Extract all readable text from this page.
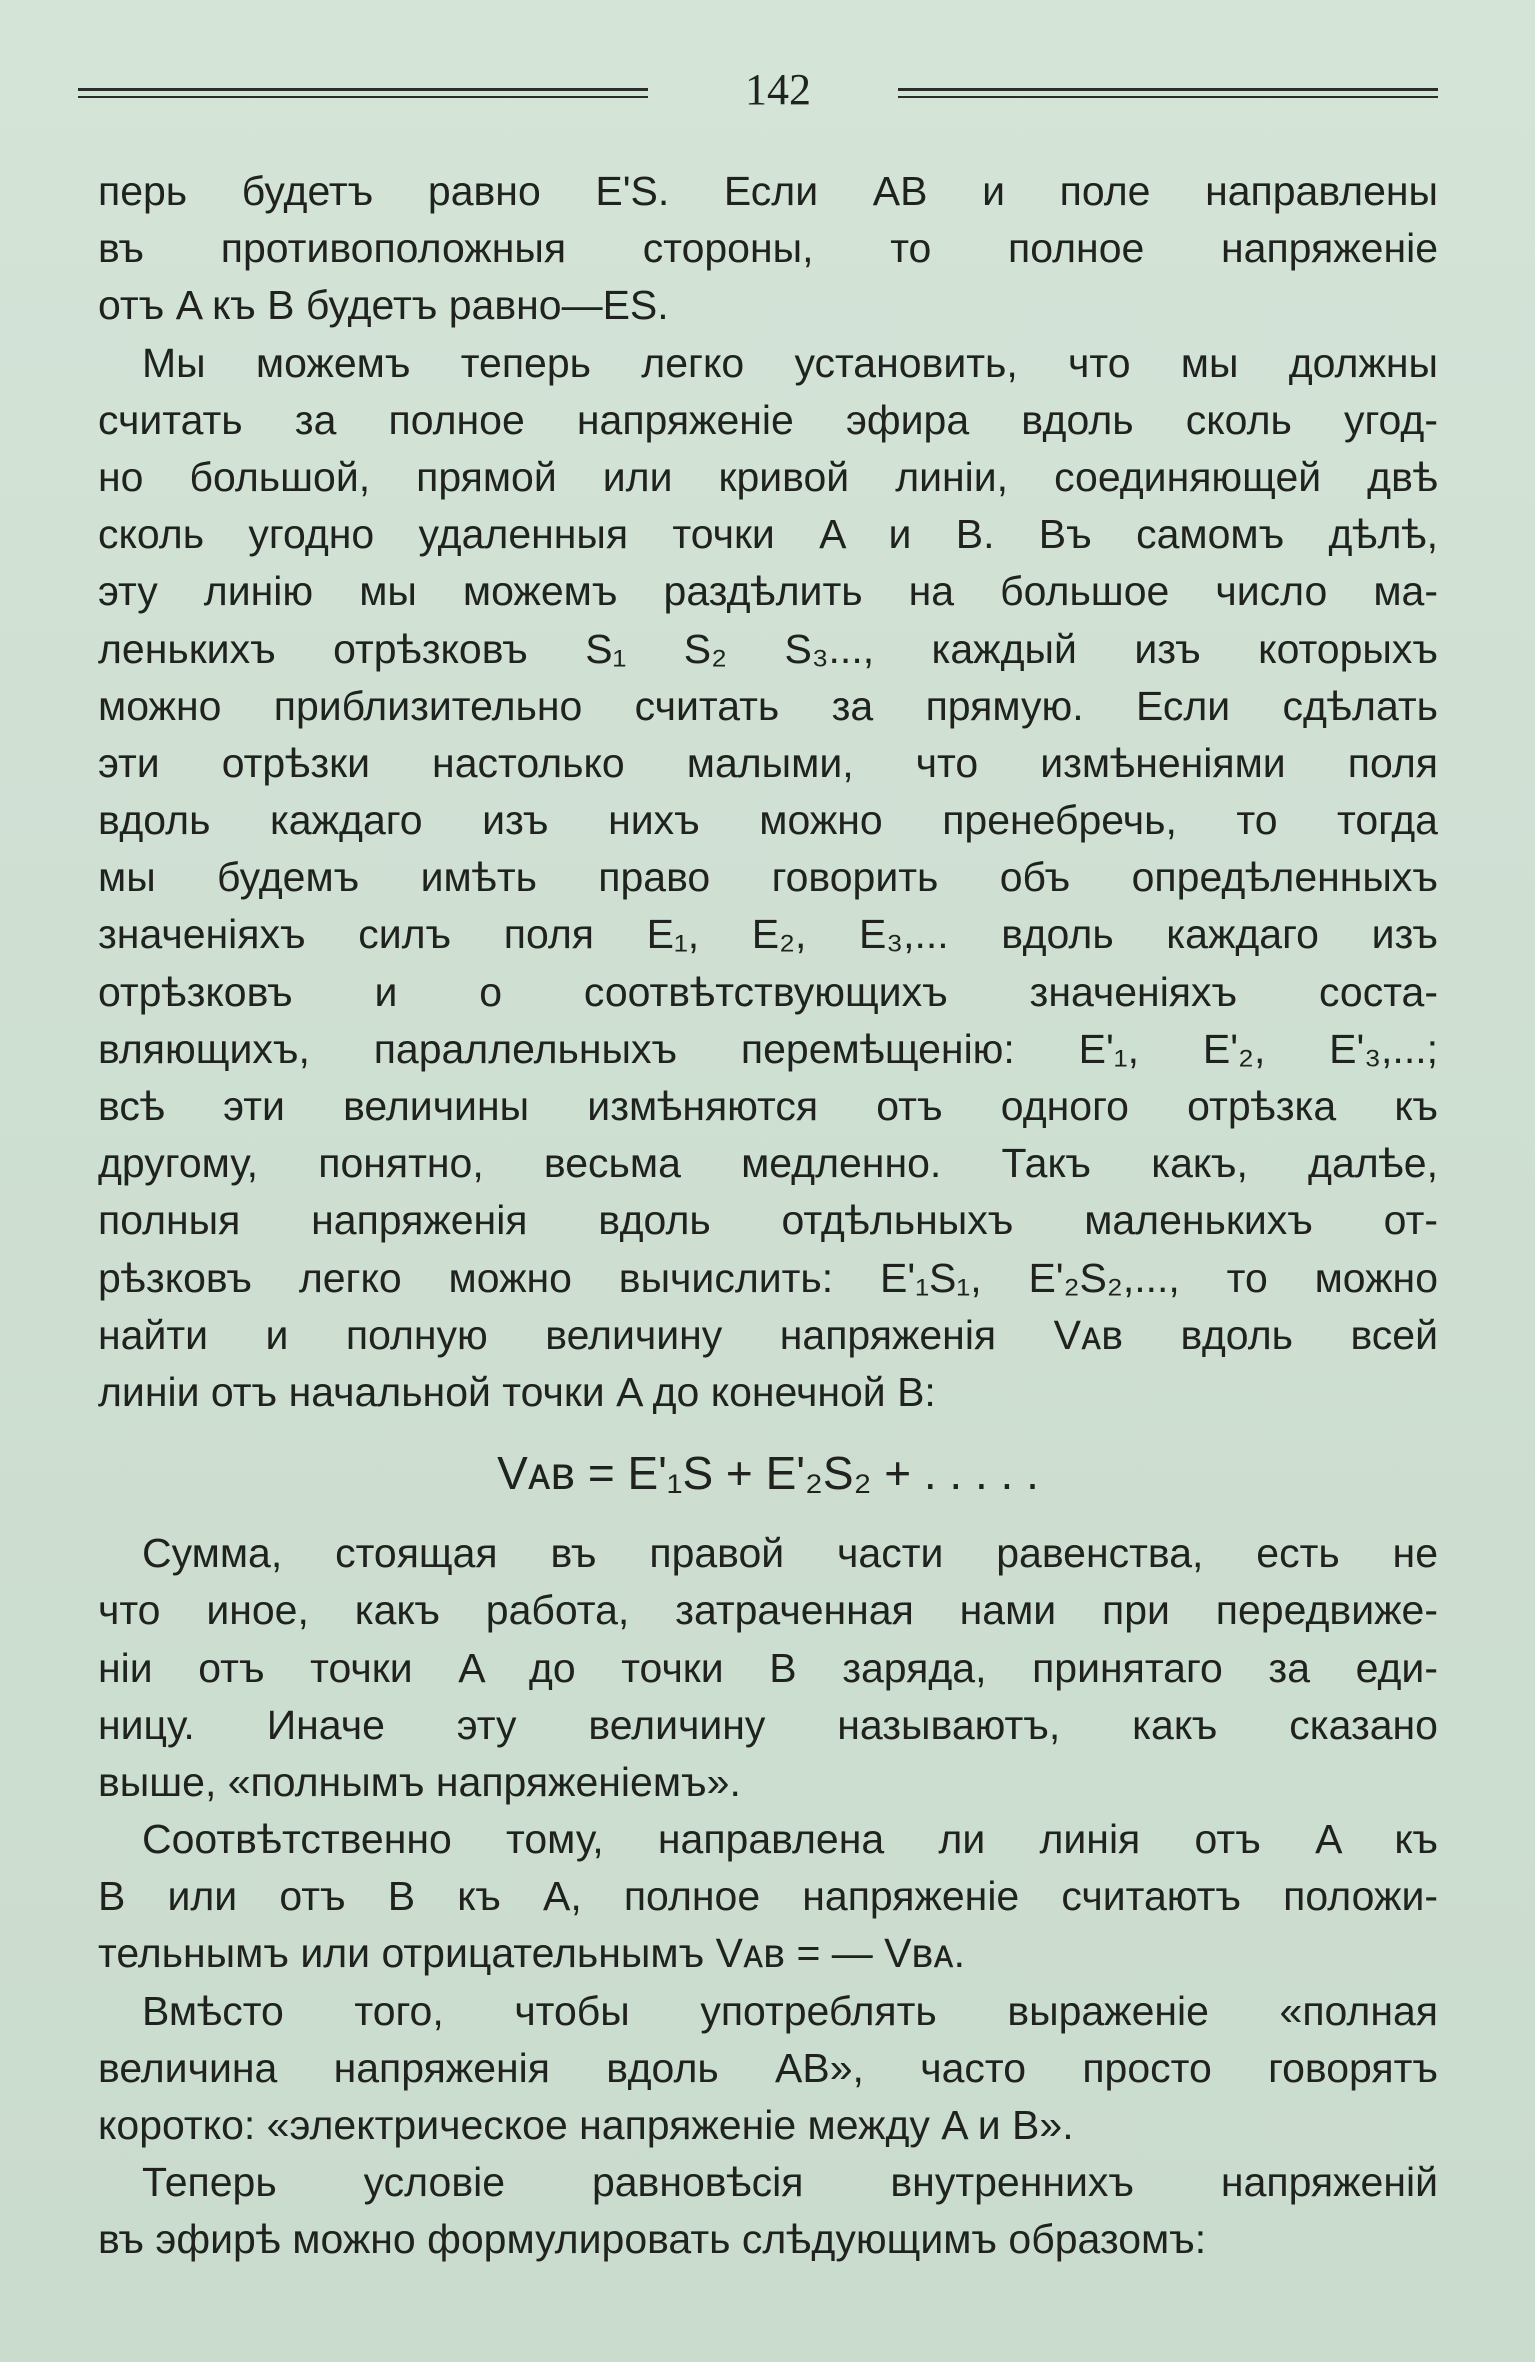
142
перь будетъ равно E'S. Если AB и поле направлены
въ противоположныя стороны, то полное напряженіе
отъ A къ B будетъ равно—ES.
Мы можемъ теперь легко установить, что мы должны
считать за полное напряженіе эфира вдоль сколь угод-
но большой, прямой или кривой линіи, соединяющей двѣ
сколь угодно удаленныя точки A и B. Въ самомъ дѣлѣ,
эту линію мы можемъ раздѣлить на большое число ма-
ленькихъ отрѣзковъ S₁ S₂ S₃..., каждый изъ которыхъ
можно приблизительно считать за прямую. Если сдѣлать
эти отрѣзки настолько малыми, что измѣненіями поля
вдоль каждаго изъ нихъ можно пренебречь, то тогда
мы будемъ имѣть право говорить объ опредѣленныхъ
значеніяхъ силъ поля E₁, E₂, E₃,... вдоль каждаго изъ
отрѣзковъ и о соотвѣтствующихъ значеніяхъ соста-
вляющихъ, параллельныхъ перемѣщенію: E'₁, E'₂, E'₃,...;
всѣ эти величины измѣняются отъ одного отрѣзка къ
другому, понятно, весьма медленно. Такъ какъ, далѣе,
полныя напряженія вдоль отдѣльныхъ маленькихъ от-
рѣзковъ легко можно вычислить: E'₁S₁, E'₂S₂,..., то можно
найти и полную величину напряженія Vᴀʙ вдоль всей
линіи отъ начальной точки A до конечной B:
Vᴀʙ = E'₁S + E'₂S₂ + . . . . .
Сумма, стоящая въ правой части равенства, есть не
что иное, какъ работа, затраченная нами при передвиже-
ніи отъ точки A до точки B заряда, принятаго за еди-
ницу. Иначе эту величину называютъ, какъ сказано
выше, «полнымъ напряженіемъ».
Соотвѣтственно тому, направлена ли линія отъ A къ
B или отъ B къ A, полное напряженіе считаютъ положи-
тельнымъ или отрицательнымъ Vᴀʙ = — Vʙᴀ.
Вмѣсто того, чтобы употреблять выраженіе «полная
величина напряженія вдоль AB», часто просто говорятъ
коротко: «электрическое напряженіе между A и B».
Теперь условіе равновѣсія внутреннихъ напряженій
въ эфирѣ можно формулировать слѣдующимъ образомъ:
